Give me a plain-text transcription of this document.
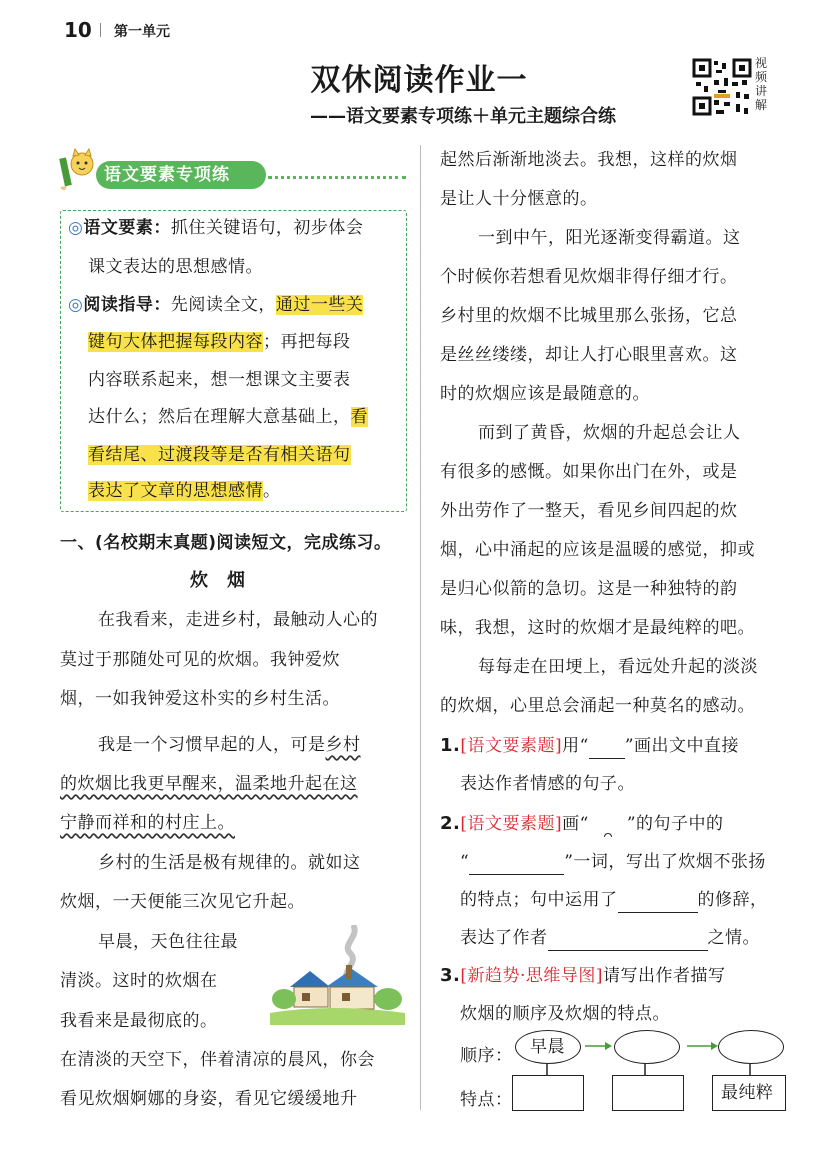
10 第一单元
双休阅读作业一
——语文要素专项练＋单元主题综合练
视
频
讲
解
语文要素专项练
◎语文要素：抓住关键语句，初步体会
课文表达的思想感情。
◎阅读指导：先阅读全文，通过一些关
键句大体把握每段内容；再把每段
内容联系起来，想一想课文主要表
达什么；然后在理解大意基础上，看
看结尾、过渡段等是否有相关语句
表达了文章的思想感情。
一、(名校期末真题)阅读短文，完成练习。
炊　烟
在我看来，走进乡村，最触动人心的
莫过于那随处可见的炊烟。我钟爱炊
烟，一如我钟爱这朴实的乡村生活。
我是一个习惯早起的人，可是乡村
的炊烟比我更早醒来，温柔地升起在这
宁静而祥和的村庄上。
乡村的生活是极有规律的。就如这
炊烟，一天便能三次见它升起。
早晨，天色往往最
清淡。这时的炊烟在
我看来是最彻底的。
在清淡的天空下，伴着清凉的晨风，你会
看见炊烟婀娜的身姿，看见它缓缓地升
起然后渐渐地淡去。我想，这样的炊烟
是让人十分惬意的。
一到中午，阳光逐渐变得霸道。这
个时候你若想看见炊烟非得仔细才行。
乡村里的炊烟不比城里那么张扬，它总
是丝丝缕缕，却让人打心眼里喜欢。这
时的炊烟应该是最随意的。
而到了黄昏，炊烟的升起总会让人
有很多的感慨。如果你出门在外，或是
外出劳作了一整天，看见乡间四起的炊
烟，心中涌起的应该是温暖的感觉，抑或
是归心似箭的急切。这是一种独特的韵
味，我想，这时的炊烟才是最纯粹的吧。
每每走在田埂上，看远处升起的淡淡
的炊烟，心里总会涌起一种莫名的感动。
1.[语文要素题]用“ ”画出文中直接
表达作者情感的句子。
2.[语文要素题]画“ ”的句子中的
“	”一词，写出了炊烟不张扬
的特点；句中运用了	的修辞，
表达了作者	之情。
3.[新趋势·思维导图]请写出作者描写
炊烟的顺序及炊烟的特点。
顺序：
特点：
早晨
最纯粹
